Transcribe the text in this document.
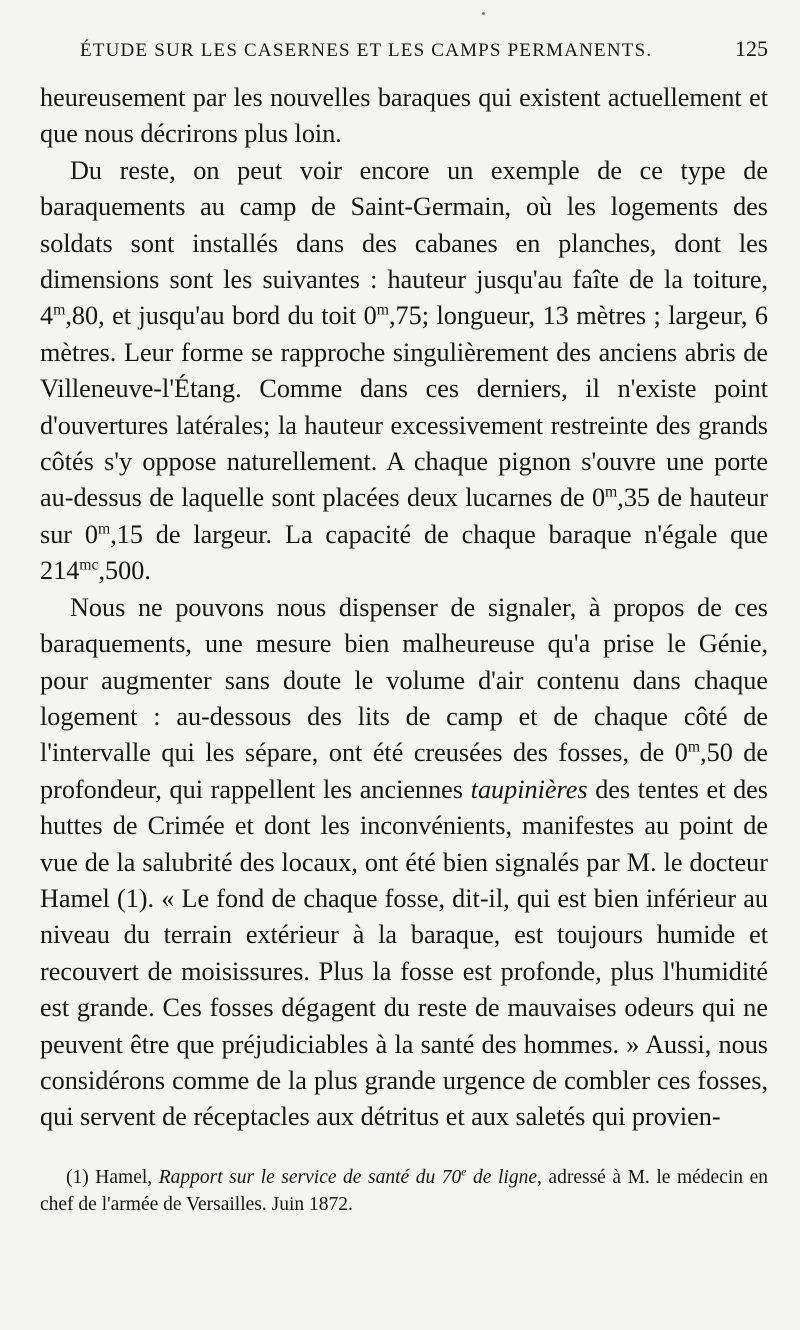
ÉTUDE SUR LES CASERNES ET LES CAMPS PERMANENTS.	125

heureusement par les nouvelles baraques qui existent actuellement et que nous décrirons plus loin.

Du reste, on peut voir encore un exemple de ce type de baraquements au camp de Saint-Germain, où les logements des soldats sont installés dans des cabanes en planches, dont les dimensions sont les suivantes : hauteur jusqu'au faîte de la toiture, 4$^m$,80, et jusqu'au bord du toit 0$^m$,75; longueur, 13 mètres ; largeur, 6 mètres. Leur forme se rapproche singulièrement des anciens abris de Villeneuve-l'Étang. Comme dans ces derniers, il n'existe point d'ouvertures latérales; la hauteur excessivement restreinte des grands côtés s'y oppose naturellement. A chaque pignon s'ouvre une porte au-dessus de laquelle sont placées deux lucarnes de 0$^m$,35 de hauteur sur 0$^m$,15 de largeur. La capacité de chaque baraque n'égale que $214^{mc},500$.

Nous ne pouvons nous dispenser de signaler, à propos de ces baraquements, une mesure bien malheureuse qu'a prise le Génie, pour augmenter sans doute le volume d'air contenu dans chaque logement : au-dessous des lits de camp et de chaque côté de l'intervalle qui les sépare, ont été creusées des fosses, de 0$^m$,50 de profondeur, qui rappellent les anciennes taupinières des tentes et des huttes de Crimée et dont les inconvénients, manifestes au point de vue de la salubrité des locaux, ont été bien signalés par M. le docteur Hamel (1). « Le fond de chaque fosse, dit-il, qui est bien inférieur au niveau du terrain extérieur à la baraque, est toujours humide et recouvert de moisissures. Plus la fosse est profonde, plus l'humidité est grande. Ces fosses dégagent du reste de mauvaises odeurs qui ne peuvent être que préjudiciables à la santé des hommes. » Aussi, nous considérons comme de la plus grande urgence de combler ces fosses, qui servent de réceptacles aux détritus et aux saletés qui provien-

(1) Hamel, Rapport sur le service de santé du 70e de ligne, adressé à M. le médecin en chef de l'armée de Versailles. Juin 1872.
